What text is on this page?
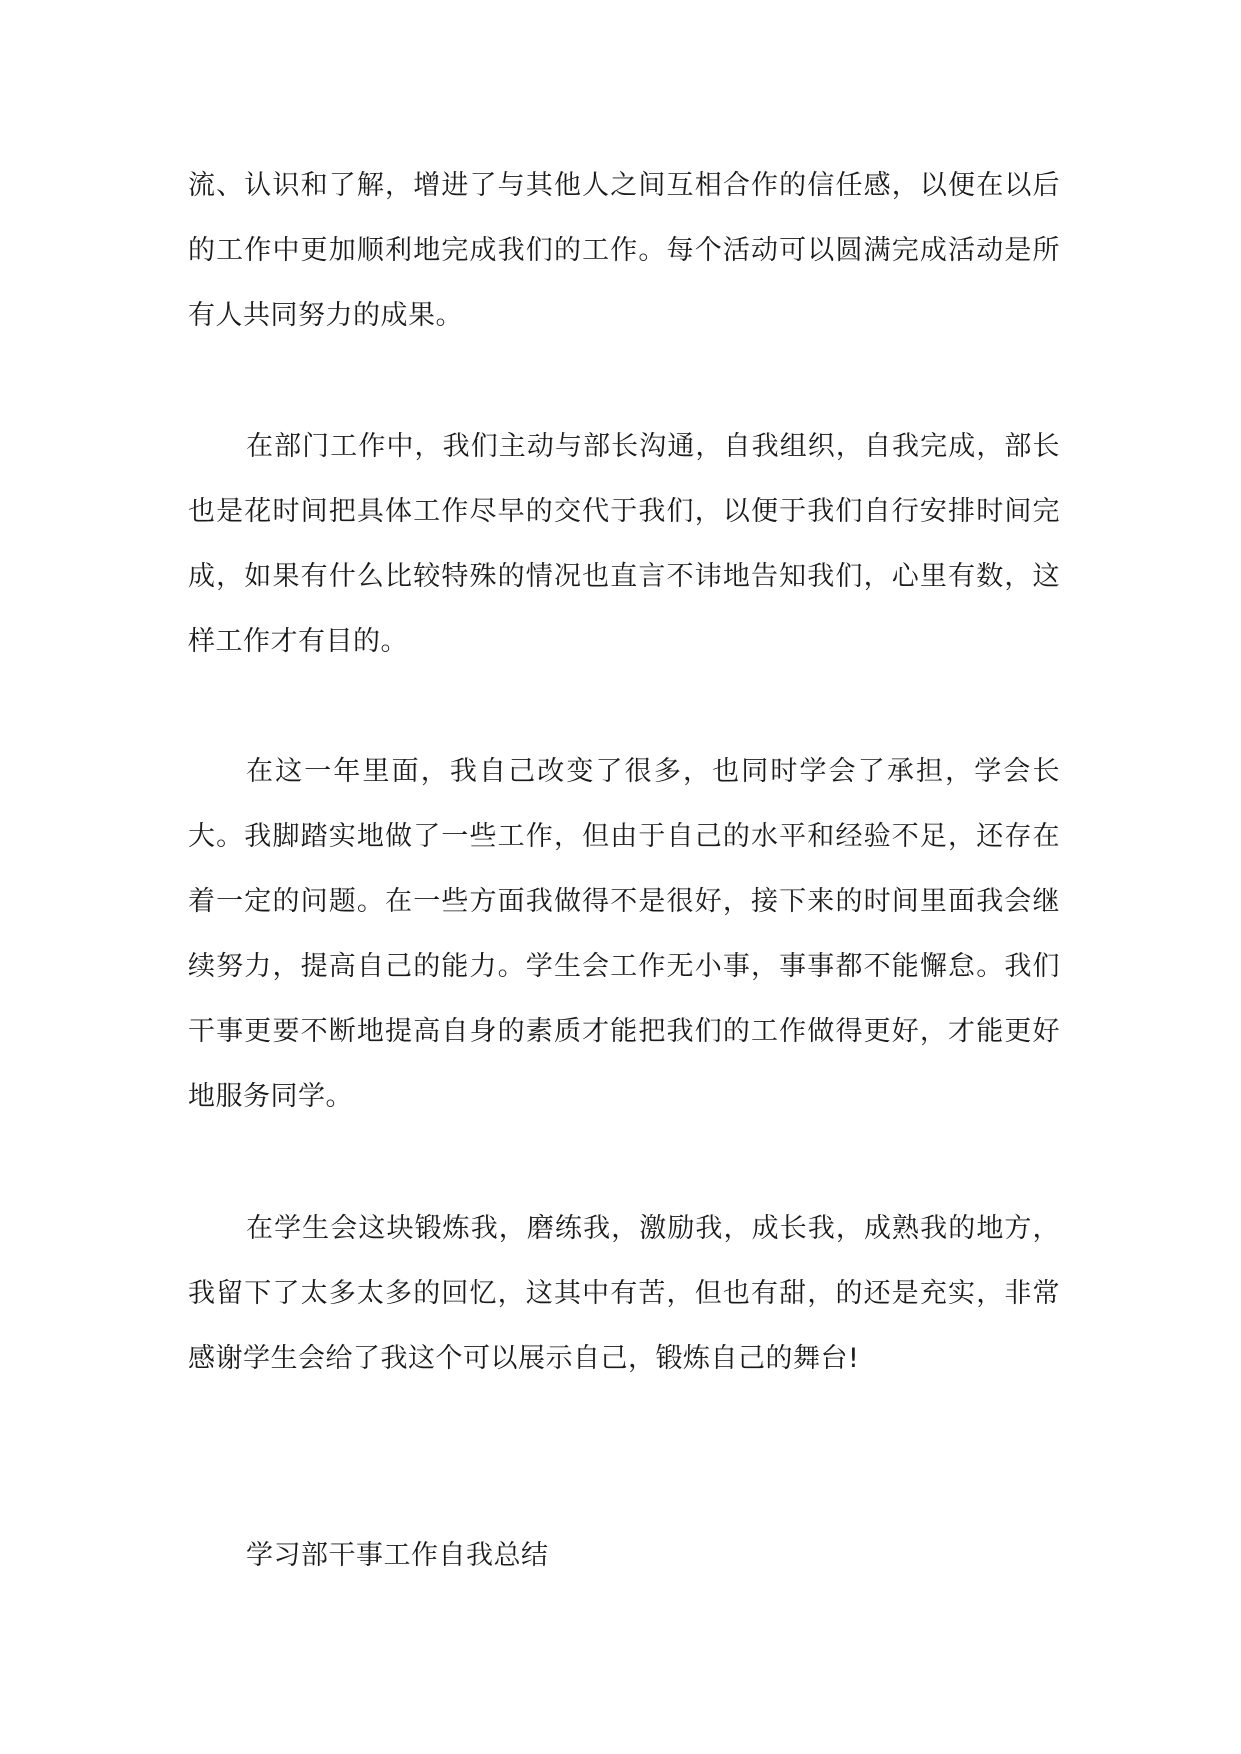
流、认识和了解，增进了与其他人之间互相合作的信任感，以便在以后的工作中更加顺利地完成我们的工作。每个活动可以圆满完成活动是所有人共同努力的成果。

在部门工作中，我们主动与部长沟通，自我组织，自我完成，部长也是花时间把具体工作尽早的交代于我们，以便于我们自行安排时间完成，如果有什么比较特殊的情况也直言不讳地告知我们，心里有数，这样工作才有目的。

在这一年里面，我自己改变了很多，也同时学会了承担，学会长大。我脚踏实地做了一些工作，但由于自己的水平和经验不足，还存在着一定的问题。在一些方面我做得不是很好，接下来的时间里面我会继续努力，提高自己的能力。学生会工作无小事，事事都不能懈怠。我们干事更要不断地提高自身的素质才能把我们的工作做得更好，才能更好地服务同学。

在学生会这块锻炼我，磨练我，激励我，成长我，成熟我的地方，我留下了太多太多的回忆，这其中有苦，但也有甜，的还是充实，非常感谢学生会给了我这个可以展示自己，锻炼自己的舞台!

学习部干事工作自我总结
